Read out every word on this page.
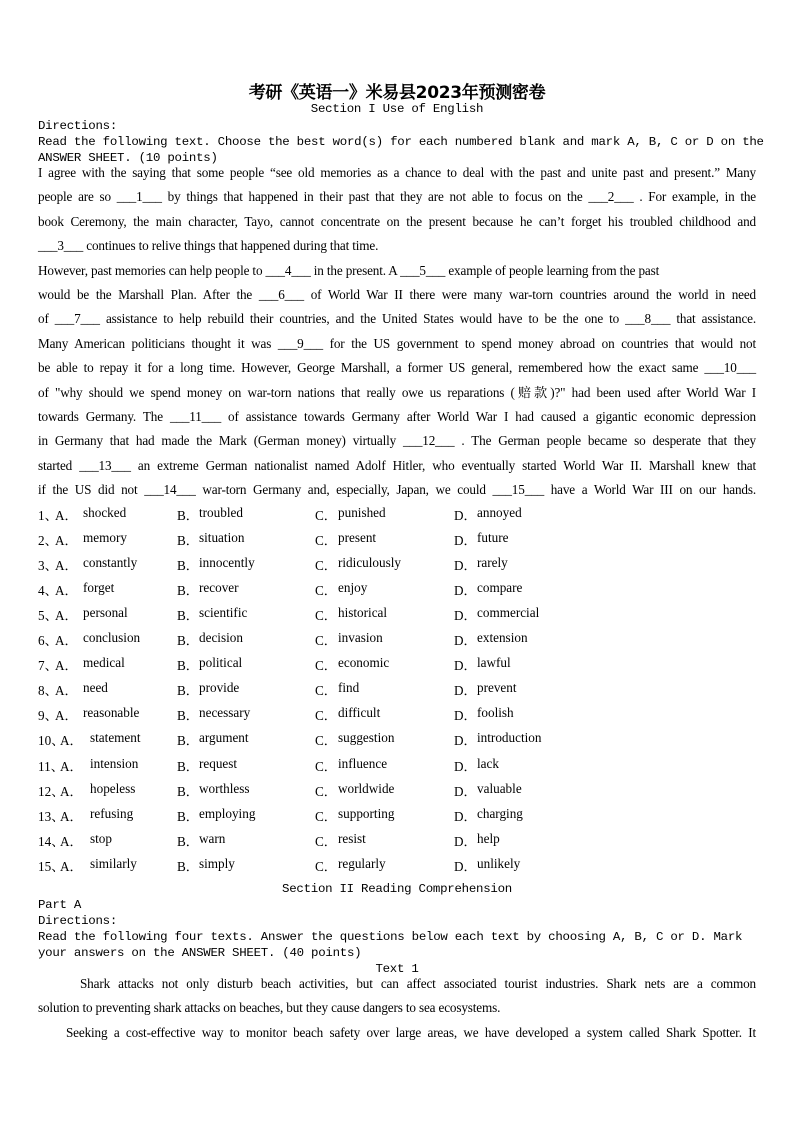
考研《英语一》米易县2023年预测密卷
Section I Use of English
Directions:
Read the following text. Choose the best word(s) for each numbered blank and mark A, B, C or D on the
ANSWER SHEET. (10 points)
I agree with the saying that some people “see old memories as a chance to deal with the past and unite past and present.” Many
people are so ___1___ by things that happened in their past that they are not able to focus on the ___2___ . For example, in the
book Ceremony, the main character, Tayo, cannot concentrate on the present because he can’t forget his troubled childhood and
___3___ continues to relive things that happened during that time.
However, past memories can help people to ___4___ in the present. A ___5___ example of people learning from the past
would be the Marshall Plan. After the ___6___ of World War II there were many war-torn countries around the world in need
of ___7___ assistance to help rebuild their countries, and the United States would have to be the one to ___8___ that assistance.
Many American politicians thought it was ___9___ for the US government to spend money abroad on countries that would not
be able to repay it for a long time. However, George Marshall, a former US general, remembered how the exact same ___10___
of "why should we spend money on war-torn nations that really owe us reparations (赔款)?" had been used after World War I
towards Germany. The ___11___ of assistance towards Germany after World War I had caused a gigantic economic depression
in Germany that had made the Mark (German money) virtually ___12___ . The German people became so desperate that they
started ___13___ an extreme German nationalist named Adolf Hitler, who eventually started World War II. Marshall knew that
if the US did not ___14___ war-torn Germany and, especially, Japan, we could ___15___ have a World War III on our hands.
1、
A． shocked	B． troubled	C． punished	D． annoyed
2、
A． memory	B． situation	C． present	D． future
3、
A． constantly	B． innocently	C． ridiculously	D． rarely
4、
A． forget	B． recover	C． enjoy	D． compare
5、
A． personal	B． scientific	C． historical	D． commercial
6、
A． conclusion	B． decision	C． invasion	D． extension
7、
A． medical	B． political	C． economic	D． lawful
8、
A． need	B． provide	C． find	D． prevent
9、
A． reasonable	B． necessary	C． difficult	D． foolish
10、
A． statement	B． argument	C． suggestion	D． introduction
11、
A． intension	B． request	C． influence	D． lack
12、
A． hopeless	B． worthless	C． worldwide	D． valuable
13、
A． refusing	B． employing	C． supporting	D． charging
14、
A． stop	B． warn	C． resist	D． help
15、
A． similarly	B． simply	C． regularly	D． unlikely
Section II Reading Comprehension
Part A
Directions:
Read the following four texts. Answer the questions below each text by choosing A, B, C or D. Mark
your answers on the ANSWER SHEET. (40 points)
Text 1
Shark attacks not only disturb beach activities, but can affect associated tourist industries. Shark nets are a common
solution to preventing shark attacks on beaches, but they cause dangers to sea ecosystems.
Seeking a cost-effective way to monitor beach safety over large areas, we have developed a system called Shark Spotter. It
